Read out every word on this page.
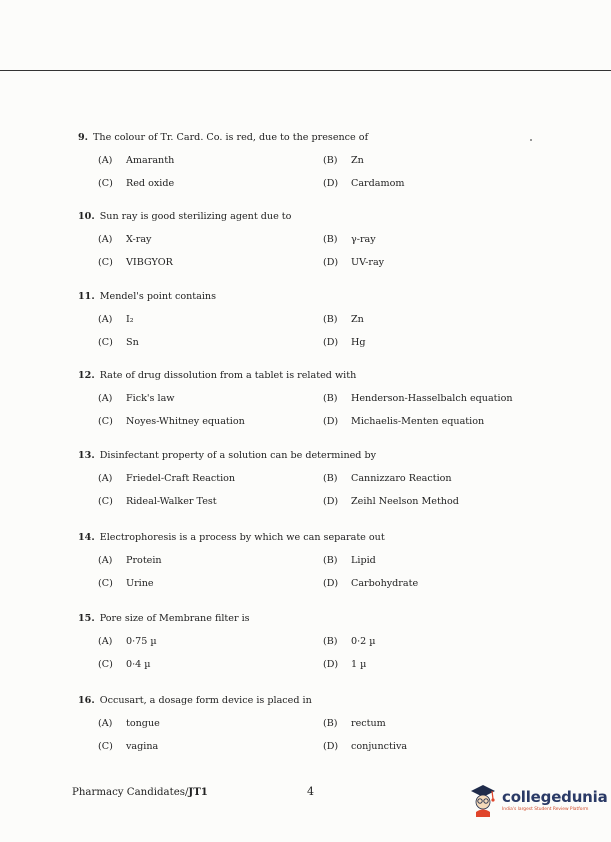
9. The colour of Tr. Card. Co. is red, due to the presence of
(A)	Amaranth	(B)	Zn
(C)	Red oxide	(D) Cardamom
10. Sun ray is good sterilizing agent due to
(A)	X-ray	(B)	γ-ray
(C)	VIBGYOR	(D) UV-ray
11. Mendel's point contains
(A)	I₂	(B)	Zn
(C)	Sn	(D) Hg
12. Rate of drug dissolution from a tablet is related with
(A)	Fick's law	(B)	Henderson-Hasselbalch equation
(C)	Noyes-Whitney equation	(D) Michaelis-Menten equation
13. Disinfectant property of a solution can be determined by
(A)	Friedel-Craft Reaction	(B)	Cannizzaro Reaction
(C)	Rideal-Walker Test	(D) Zeihl Neelson Method
14. Electrophoresis is a process by which we can separate out
(A)	Protein	(B)	Lipid
(C)	Urine	(D) Carbohydrate
15. Pore size of Membrane filter is
(A)	0·75 µ	(B)	0·2 µ
(C)	0·4 µ	(D) 1 µ
16. Occusart, a dosage form device is placed in
(A)	tongue	(B)	rectum
(C)	vagina	(D) conjunctiva
Pharmacy Candidates/JT1	4	collegedunia
India's largest Student Review Platform
